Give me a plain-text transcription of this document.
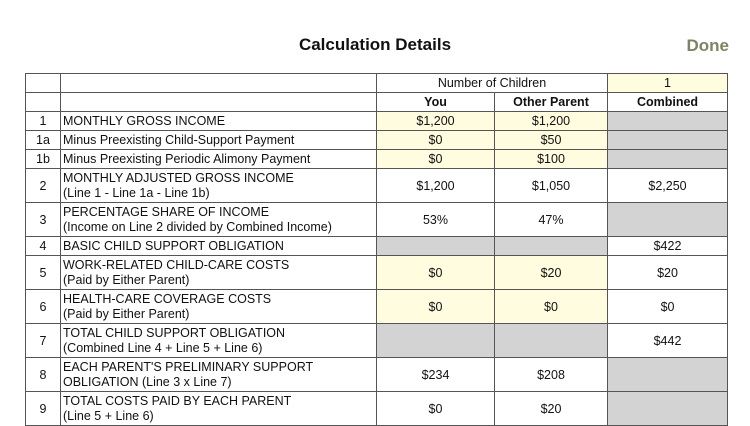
Calculation Details	Done
		Number of Children		1
		You	Other Parent	Combined
1	MONTHLY GROSS INCOME	$1,200	$1,200	
1a	Minus Preexisting Child-Support Payment	$0	$50	
1b	Minus Preexisting Periodic Alimony Payment	$0	$100	
2	MONTHLY ADJUSTED GROSS INCOME
(Line 1 - Line 1a - Line 1b)	$1,200	$1,050	$2,250
3	PERCENTAGE SHARE OF INCOME
(Income on Line 2 divided by Combined Income)	53%	47%	
4	BASIC CHILD SUPPORT OBLIGATION			$422
5	WORK-RELATED CHILD-CARE COSTS
(Paid by Either Parent)	$0	$20	$20
6	HEALTH-CARE COVERAGE COSTS
(Paid by Either Parent)	$0	$0	$0
7	TOTAL CHILD SUPPORT OBLIGATION
(Combined Line 4 + Line 5 + Line 6)			$442
8	EACH PARENT'S PRELIMINARY SUPPORT
OBLIGATION (Line 3 x Line 7)	$234	$208	
9	TOTAL COSTS PAID BY EACH PARENT
(Line 5 + Line 6)	$0	$20	
